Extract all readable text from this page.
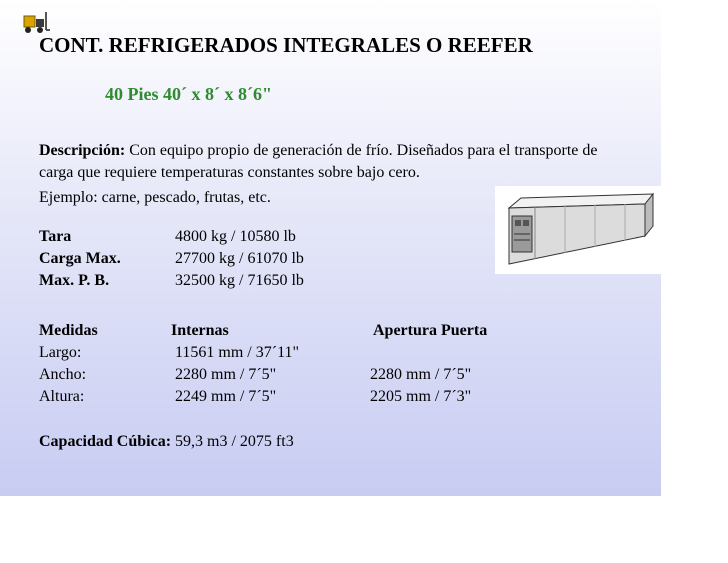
CONT. REFRIGERADOS INTEGRALES O REEFER
40 Pies 40´ x 8´ x 8´6"
Descripción: Con equipo propio de generación de frío. Diseñados para el transporte de carga que requiere temperaturas constantes sobre bajo cero.
Ejemplo: carne, pescado, frutas, etc.
Tara	4800 kg / 10580 lb
Carga Max.	27700 kg / 61070 lb
Max. P. B.	32500 kg / 71650 lb
Medidas	Internas	Apertura Puerta
Largo:	11561 mm / 37´11"
Ancho:	2280 mm / 7´5"	2280 mm / 7´5"
Altura:	2249 mm / 7´5"	2205 mm / 7´3"
Capacidad Cúbica: 59,3 m3 / 2075 ft3
